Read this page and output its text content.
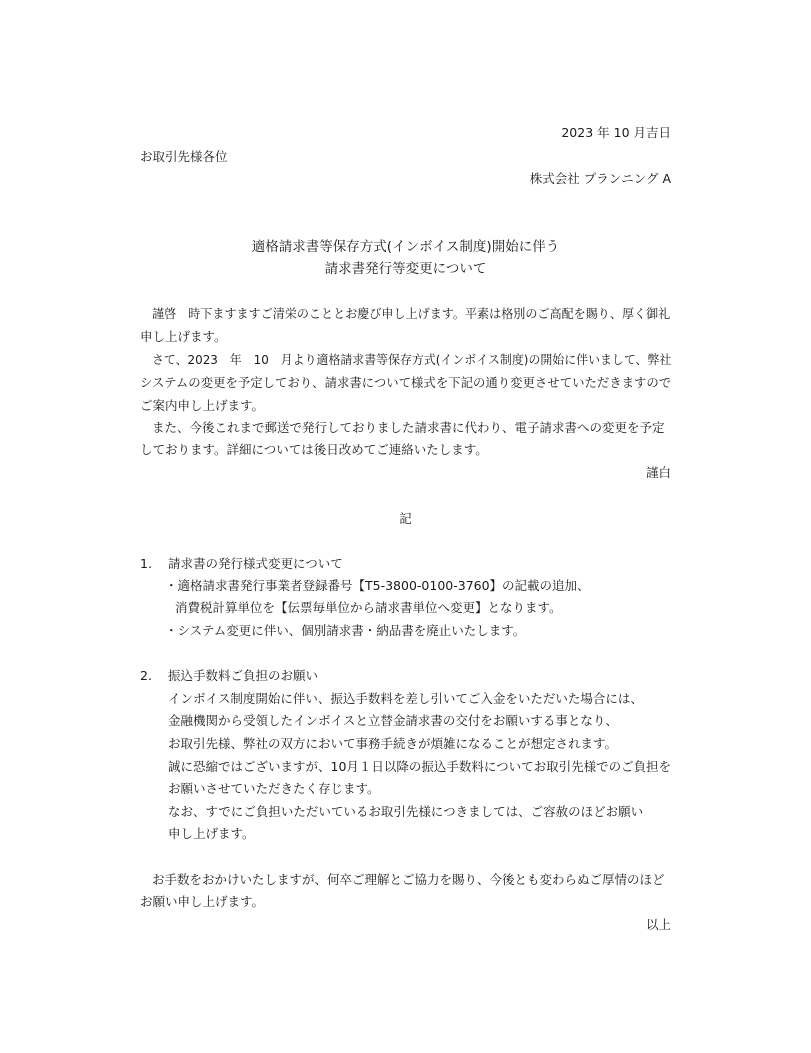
2023 年 10 月吉日
お取引先様各位
株式会社 プランニング A
適格請求書等保存方式(インボイス制度)開始に伴う
請求書発行等変更について
謹啓　時下ますますご清栄のこととお慶び申し上げます。平素は格別のご高配を賜り、厚く御礼
申し上げます。
さて、2023　年　10　月より適格請求書等保存方式(インボイス制度)の開始に伴いまして、弊社
システムの変更を予定しており、請求書について様式を下記の通り変更させていただきますので
ご案内申し上げます。
また、今後これまで郵送で発行しておりました請求書に代わり、電子請求書への変更を予定
しております。詳細については後日改めてご連絡いたします。
謹白
記
1. 請求書の発行様式変更について
・適格請求書発行事業者登録番号【T5-3800-0100-3760】の記載の追加、
消費税計算単位を【伝票毎単位から請求書単位へ変更】となります。
・システム変更に伴い、個別請求書・納品書を廃止いたします。
2. 振込手数料ご負担のお願い
インボイス制度開始に伴い、振込手数料を差し引いてご入金をいただいた場合には、
金融機関から受領したインボイスと立替金請求書の交付をお願いする事となり、
お取引先様、弊社の双方において事務手続きが煩雑になることが想定されます。
誠に恐縮ではございますが、10月１日以降の振込手数料についてお取引先様でのご負担を
お願いさせていただきたく存じます。
なお、すでにご負担いただいているお取引先様につきましては、ご容赦のほどお願い
申し上げます。
お手数をおかけいたしますが、何卒ご理解とご協力を賜り、今後とも変わらぬご厚情のほど
お願い申し上げます。
以上
